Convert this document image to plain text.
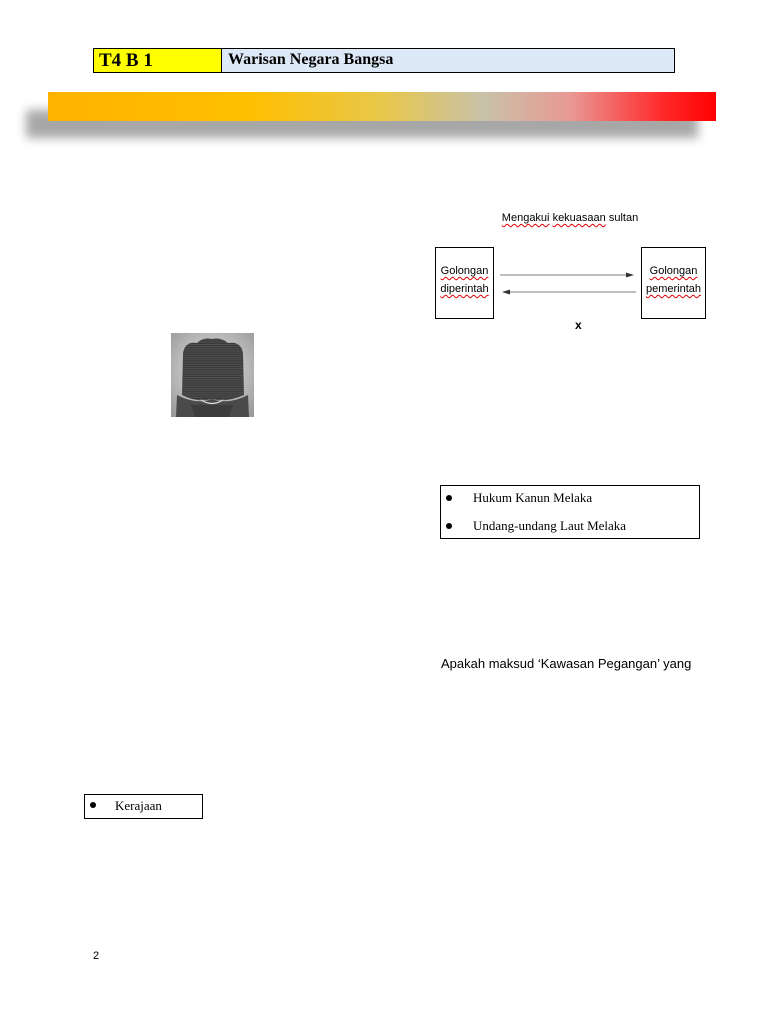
T4 B 1	Warisan Negara Bangsa
Mengakui kekuasaan sultan
Golongan
diperintah
Golongan
pemerintah
x
Hukum Kanun Melaka
Undang-undang Laut Melaka
Apakah maksud ‘Kawasan Pegangan’ yang
Kerajaan
2
